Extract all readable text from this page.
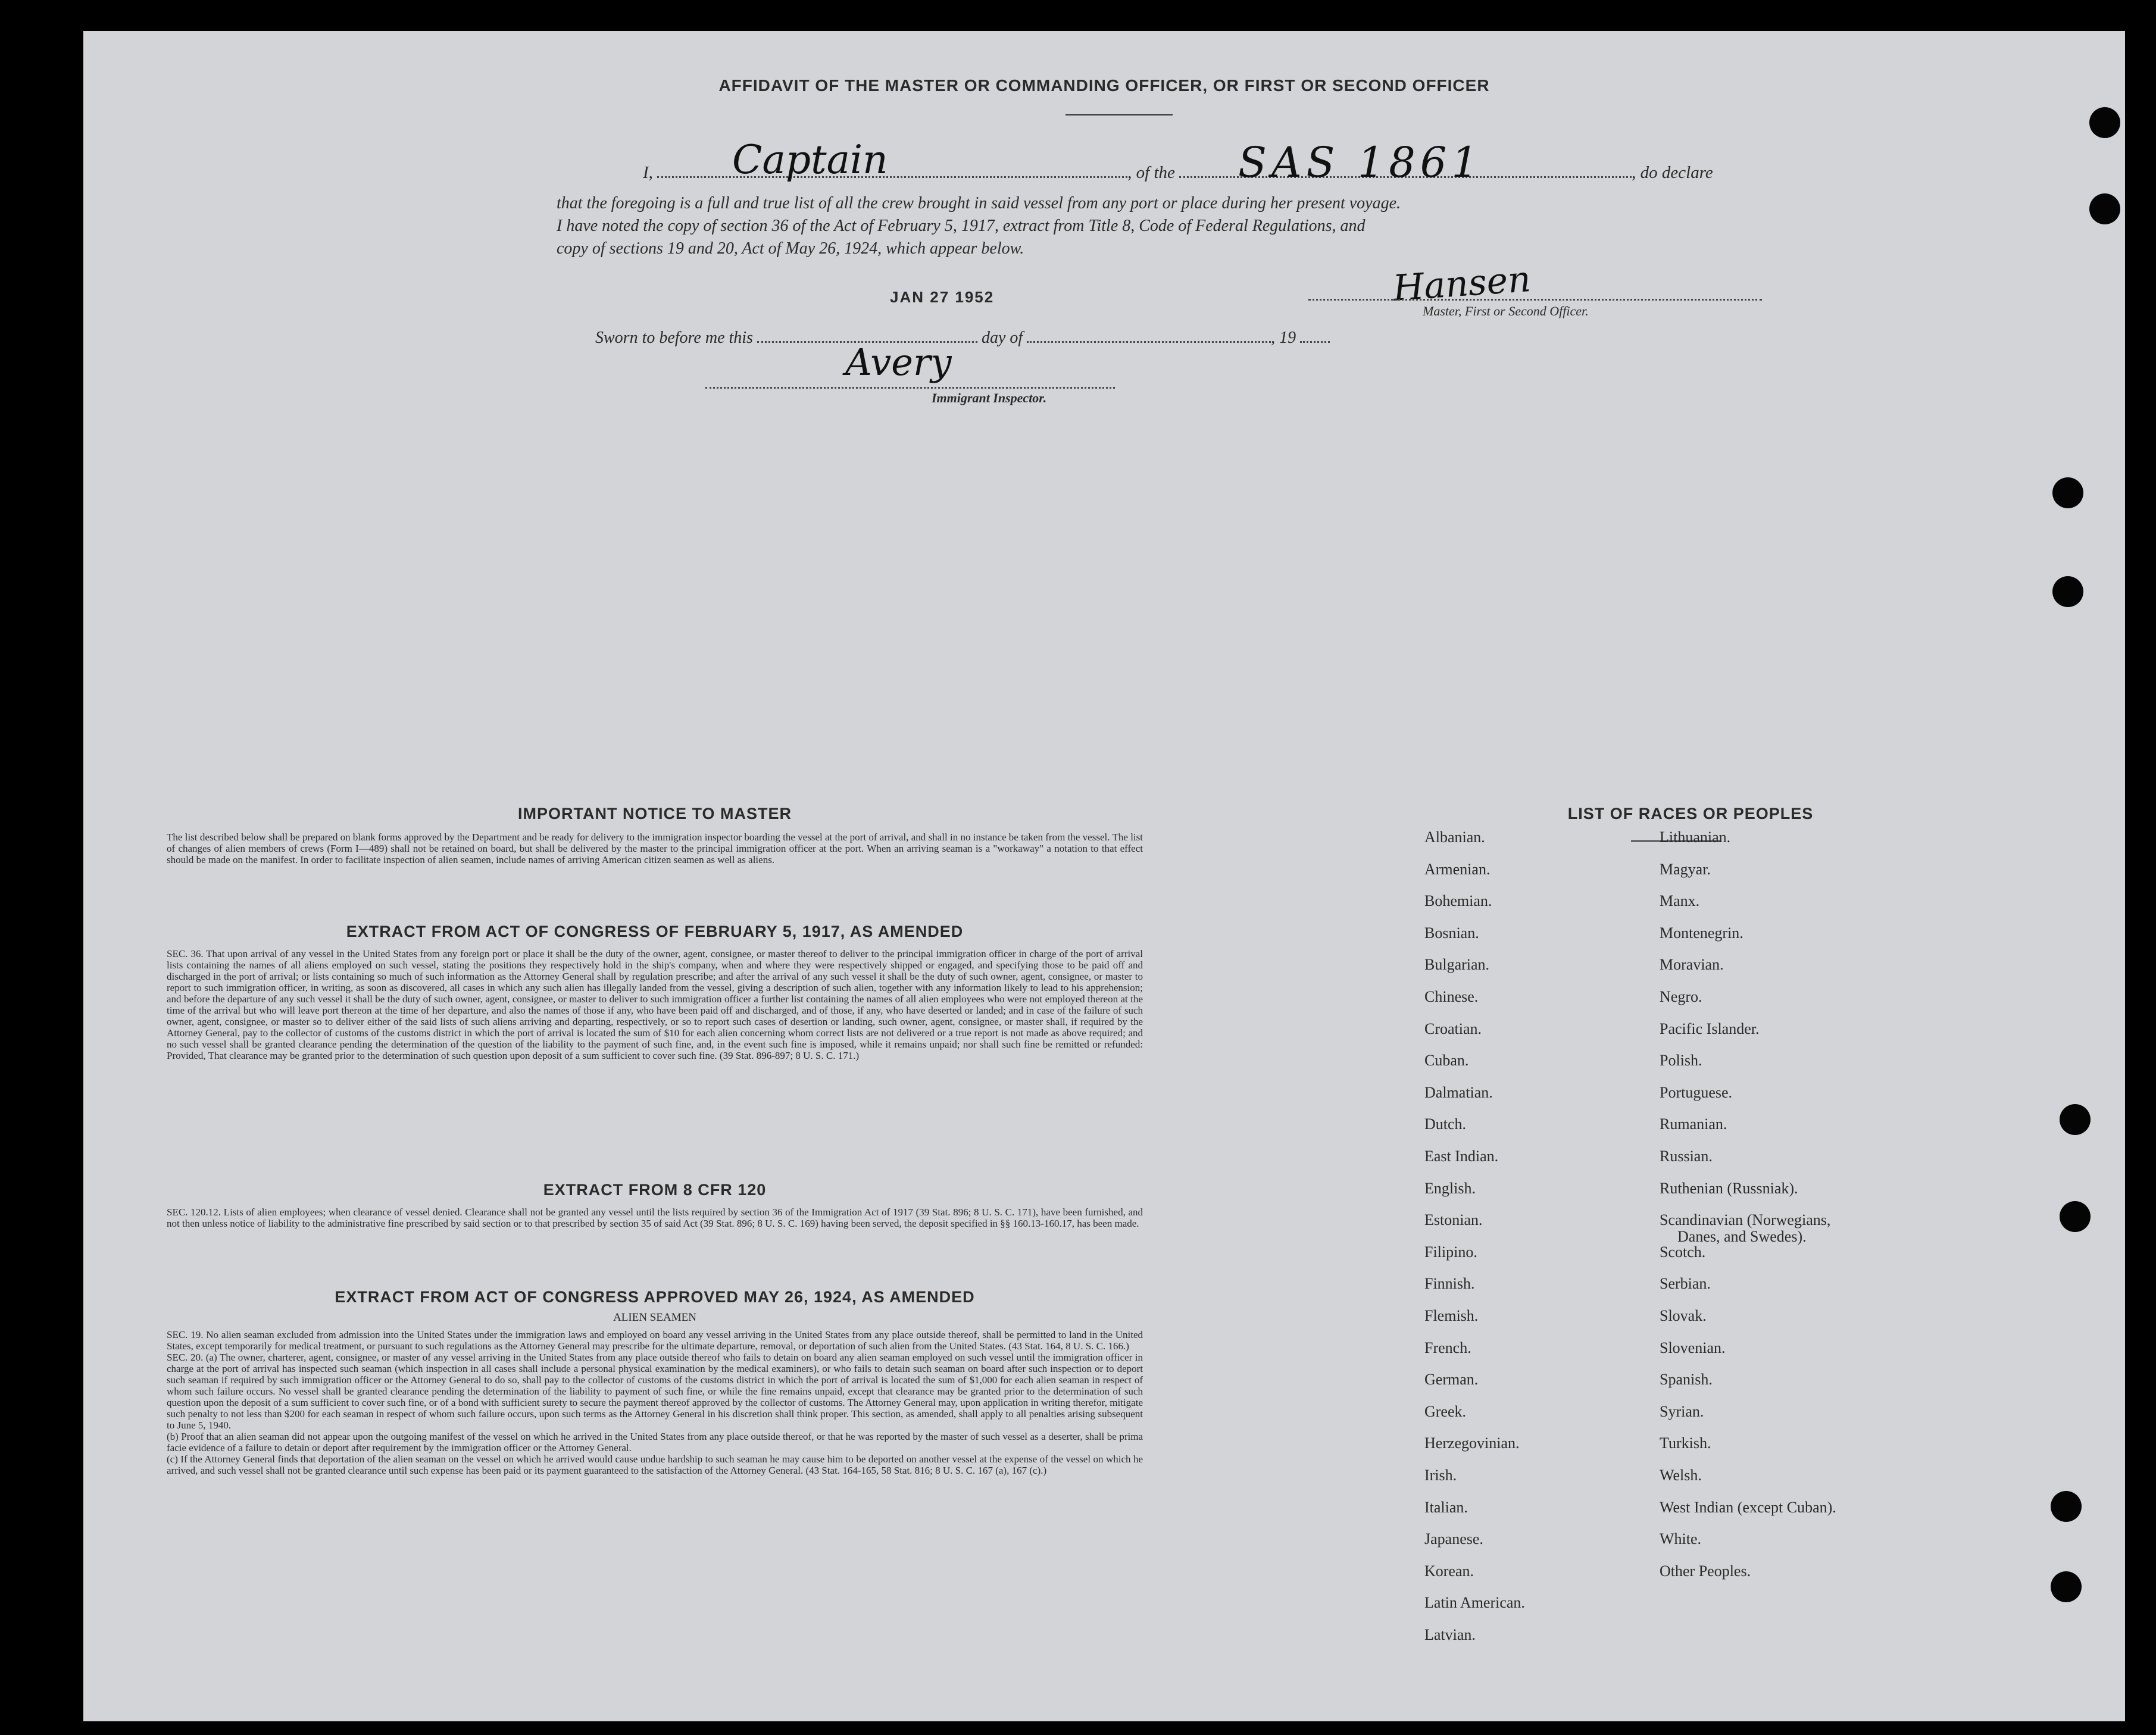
AFFIDAVIT OF THE MASTER OR COMMANDING OFFICER, OR FIRST OR SECOND OFFICER
I,	, of the	, do declare
Captain	SAS 1861
that the foregoing is a full and true list of all the crew brought in said vessel from any port or place during her present voyage.
I have noted the copy of section 36 of the Act of February 5, 1917, extract from Title 8, Code of Federal Regulations, and
copy of sections 19 and 20, Act of May 26, 1924, which appear below.
JAN 27 1952	Hansen
Master, First or Second Officer.
Sworn to before me this	day of	, 19
Avery
Immigrant Inspector.
IMPORTANT NOTICE TO MASTER

The list described below shall be prepared on blank forms approved by the Department and be ready for delivery to the immigration inspector boarding the vessel at the port of arrival, and shall in no instance be taken from the vessel. The list of changes of alien members of crews (Form I—489) shall not be retained on board, but shall be delivered by the master to the principal immigration officer at the port. When an arriving seaman is a "workaway" a notation to that effect should be made on the manifest. In order to facilitate inspection of alien seamen, include names of arriving American citizen seamen as well as aliens.

EXTRACT FROM ACT OF CONGRESS OF FEBRUARY 5, 1917, AS AMENDED

SEC. 36. That upon arrival of any vessel in the United States from any foreign port or place it shall be the duty of the owner, agent, consignee, or master thereof to deliver to the principal immigration officer in charge of the port of arrival lists containing the names of all aliens employed on such vessel, stating the positions they respectively hold in the ship's company, when and where they were respectively shipped or engaged, and specifying those to be paid off and discharged in the port of arrival; or lists containing so much of such information as the Attorney General shall by regulation prescribe; and after the arrival of any such vessel it shall be the duty of such owner, agent, consignee, or master to report to such immigration officer, in writing, as soon as discovered, all cases in which any such alien has illegally landed from the vessel, giving a description of such alien, together with any information likely to lead to his apprehension; and before the departure of any such vessel it shall be the duty of such owner, agent, consignee, or master to deliver to such immigration officer a further list containing the names of all alien employees who were not employed thereon at the time of the arrival but who will leave port thereon at the time of her departure, and also the names of those if any, who have been paid off and discharged, and of those, if any, who have deserted or landed; and in case of the failure of such owner, agent, consignee, or master so to deliver either of the said lists of such aliens arriving and departing, respectively, or so to report such cases of desertion or landing, such owner, agent, consignee, or master shall, if required by the Attorney General, pay to the collector of customs of the customs district in which the port of arrival is located the sum of $10 for each alien concerning whom correct lists are not delivered or a true report is not made as above required; and no such vessel shall be granted clearance pending the determination of the question of the liability to the payment of such fine, and, in the event such fine is imposed, while it remains unpaid; nor shall such fine be remitted or refunded: Provided, That clearance may be granted prior to the determination of such question upon deposit of a sum sufficient to cover such fine. (39 Stat. 896-897; 8 U. S. C. 171.)

EXTRACT FROM 8 CFR 120

SEC. 120.12. Lists of alien employees; when clearance of vessel denied. Clearance shall not be granted any vessel until the lists required by section 36 of the Immigration Act of 1917 (39 Stat. 896; 8 U. S. C. 171), have been furnished, and not then unless notice of liability to the administrative fine prescribed by said section or to that prescribed by section 35 of said Act (39 Stat. 896; 8 U. S. C. 169) having been served, the deposit specified in §§ 160.13-160.17, has been made.

EXTRACT FROM ACT OF CONGRESS APPROVED MAY 26, 1924, AS AMENDED
ALIEN SEAMEN

SEC. 19. No alien seaman excluded from admission into the United States under the immigration laws and employed on board any vessel arriving in the United States from any place outside thereof, shall be permitted to land in the United States, except temporarily for medical treatment, or pursuant to such regulations as the Attorney General may prescribe for the ultimate departure, removal, or deportation of such alien from the United States. (43 Stat. 164, 8 U. S. C. 166.)

SEC. 20. (a) The owner, charterer, agent, consignee, or master of any vessel arriving in the United States from any place outside thereof who fails to detain on board any alien seaman employed on such vessel until the immigration officer in charge at the port of arrival has inspected such seaman (which inspection in all cases shall include a personal physical examination by the medical examiners), or who fails to detain such seaman on board after such inspection or to deport such seaman if required by such immigration officer or the Attorney General to do so, shall pay to the collector of customs of the customs district in which the port of arrival is located the sum of $1,000 for each alien seaman in respect of whom such failure occurs. No vessel shall be granted clearance pending the determination of the liability to payment of such fine, or while the fine remains unpaid, except that clearance may be granted prior to the determination of such question upon the deposit of a sum sufficient to cover such fine, or of a bond with sufficient surety to secure the payment thereof approved by the collector of customs. The Attorney General may, upon application in writing therefor, mitigate such penalty to not less than $200 for each seaman in respect of whom such failure occurs, upon such terms as the Attorney General in his discretion shall think proper. This section, as amended, shall apply to all penalties arising subsequent to June 5, 1940.

(b) Proof that an alien seaman did not appear upon the outgoing manifest of the vessel on which he arrived in the United States from any place outside thereof, or that he was reported by the master of such vessel as a deserter, shall be prima facie evidence of a failure to detain or deport after requirement by the immigration officer or the Attorney General.

(c) If the Attorney General finds that deportation of the alien seaman on the vessel on which he arrived would cause undue hardship to such seaman he may cause him to be deported on another vessel at the expense of the vessel on which he arrived, and such vessel shall not be granted clearance until such expense has been paid or its payment guaranteed to the satisfaction of the Attorney General. (43 Stat. 164-165, 58 Stat. 816; 8 U. S. C. 167 (a), 167 (c).)

LIST OF RACES OR PEOPLES
Albanian.
Armenian.
Bohemian.
Bosnian.
Bulgarian.
Chinese.
Croatian.
Cuban.
Dalmatian.
Dutch.
East Indian.
English.
Estonian.
Filipino.
Finnish.
Flemish.
French.
German.
Greek.
Herzegovinian.
Irish.
Italian.
Japanese.
Korean.
Latin American.
Latvian.
Lithuanian.
Magyar.
Manx.
Montenegrin.
Moravian.
Negro.
Pacific Islander.
Polish.
Portuguese.
Rumanian.
Russian.
Ruthenian (Russniak).
Scandinavian (Norwegians,
Danes, and Swedes).
Scotch.
Serbian.
Slovak.
Slovenian.
Spanish.
Syrian.
Turkish.
Welsh.
West Indian (except Cuban).
White.
Other Peoples.
